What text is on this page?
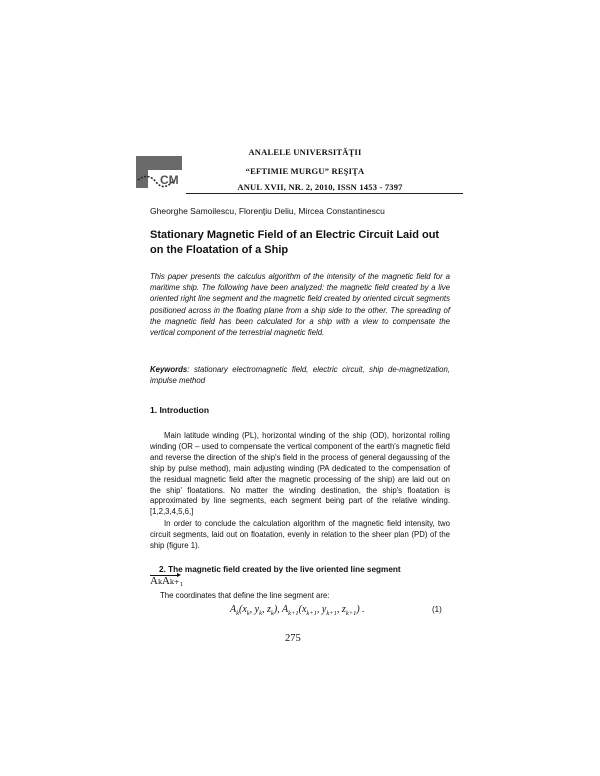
CM
ANALELE UNIVERSITĂŢII
“EFTIMIE MURGU” REŞIŢA
ANUL XVII, NR. 2, 2010, ISSN 1453 - 7397
Gheorghe Samoilescu, Florenţiu Deliu, Mircea Constantinescu
Stationary Magnetic Field of an Electric Circuit Laid out on the Floatation of a Ship
This paper presents the calculus algorithm of the intensity of the magnetic field for a maritime ship. The following have been analyzed: the magnetic field created by a live oriented right line segment and the magnetic field created by oriented circuit segments positioned across in the floating plane from a ship side to the other. The spreading of the magnetic field has been calculated for a ship with a view to compensate the vertical component of the terrestrial magnetic field.
Keywords: stationary electromagnetic field, electric circuit, ship de-magnetization, impulse method
1. Introduction
Main latitude winding (PL), horizontal winding of the ship (OD), horizontal rolling winding (OR – used to compensate the vertical component of the earth's magnetic field and reverse the direction of the ship's field in the process of general degaussing of the ship by pulse method), main adjusting winding (PA dedicated to the compensation of the residual magnetic field after the magnetic processing of the ship) are laid out on the ship' floatations. No matter the winding destination, the ship's floatation is approximated by line segments, each segment being part of the relative winding.[1,2,3,4,5,6,]
In order to conclude the calculation algorithm of the magnetic field intensity, two circuit segments, laid out on floatation, evenly in relation to the sheer plan (PD) of the ship (figure 1).
2. The magnetic field created by the live oriented line segment
AₖAₖ₊₁
The coordinates that define the line segment are:
$A_k(x_k$, $y_k$, $z_k$), $A_{k+1}(x_{k+1}$, $y_{k+1}$, $z_{k+1}$) .	(1)
275
